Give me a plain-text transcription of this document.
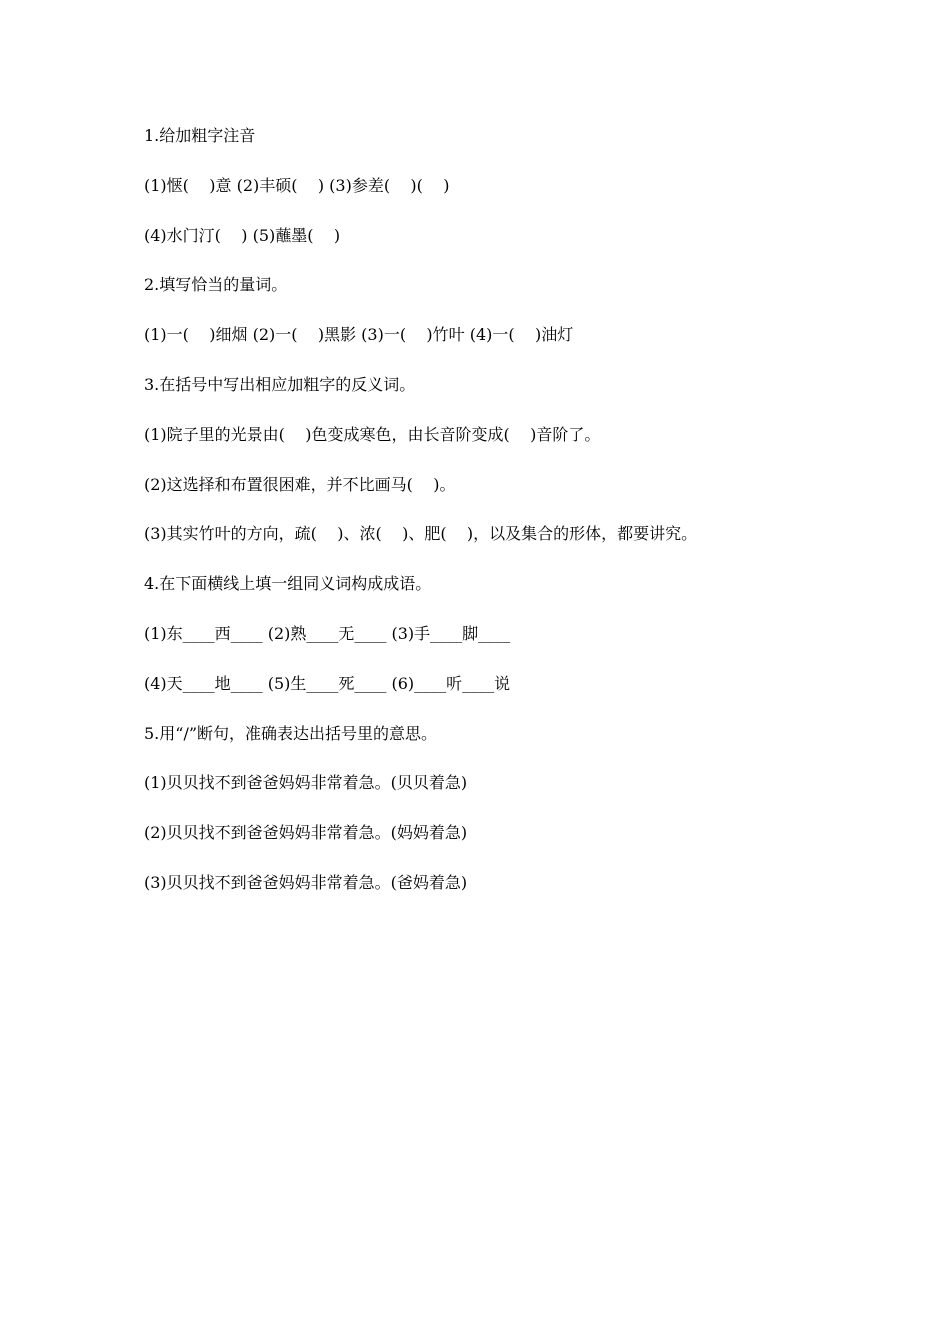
1.给加粗字注音
(1)惬(    )意 (2)丰硕(    ) (3)参差(    )(    )
(4)水门汀(    ) (5)蘸墨(    )
2.填写恰当的量词。
(1)一(    )细烟 (2)一(    )黑影 (3)一(    )竹叶 (4)一(    )油灯
3.在括号中写出相应加粗字的反义词。
(1)院子里的光景由(    )色变成寒色，由长音阶变成(    )音阶了。
(2)这选择和布置很困难，并不比画马(    )。
(3)其实竹叶的方向，疏(    )、浓(    )、肥(    )，以及集合的形体，都要讲究。
4.在下面横线上填一组同义词构成成语。
(1)东____西____ (2)熟____无____ (3)手____脚____
(4)天____地____ (5)生____死____ (6)____听____说
5.用“/”断句，准确表达出括号里的意思。
(1)贝贝找不到爸爸妈妈非常着急。(贝贝着急)
(2)贝贝找不到爸爸妈妈非常着急。(妈妈着急)
(3)贝贝找不到爸爸妈妈非常着急。(爸妈着急)
